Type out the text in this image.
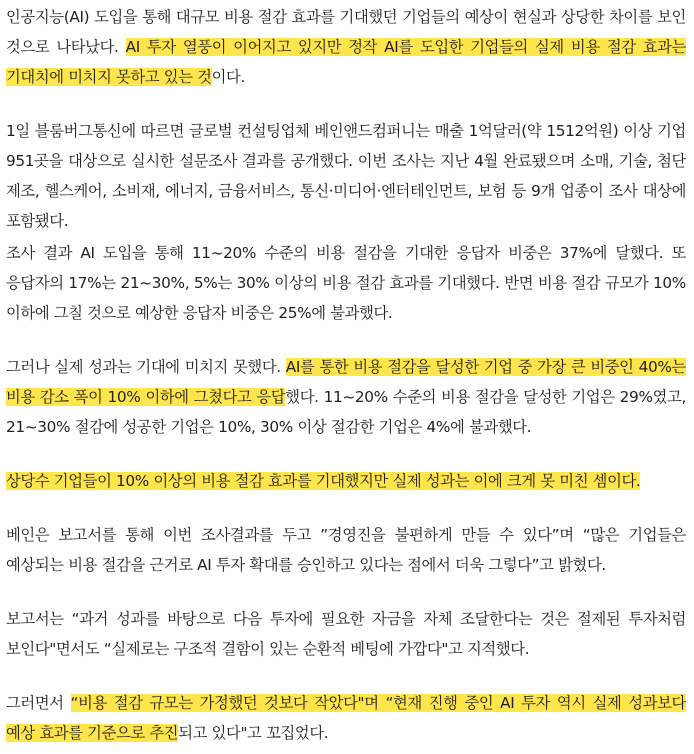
인공지능(AI) 도입을 통해 대규모 비용 절감 효과를 기대했던 기업들의 예상이 현실과 상당한 차이를 보인 것으로 나타났다. AI 투자 열풍이 이어지고 있지만 정작 AI를 도입한 기업들의 실제 비용 절감 효과는 기대치에 미치지 못하고 있는 것이다.

1일 블룸버그통신에 따르면 글로벌 컨설팅업체 베인앤드컴퍼니는 매출 1억달러(약 1512억원) 이상 기업 951곳을 대상으로 실시한 설문조사 결과를 공개했다. 이번 조사는 지난 4월 완료됐으며 소매, 기술, 첨단 제조, 헬스케어, 소비재, 에너지, 금융서비스, 통신·미디어·엔터테인먼트, 보험 등 9개 업종이 조사 대상에 포함됐다.

조사 결과 AI 도입을 통해 11~20% 수준의 비용 절감을 기대한 응답자 비중은 37%에 달했다. 또 응답자의 17%는 21~30%, 5%는 30% 이상의 비용 절감 효과를 기대했다. 반면 비용 절감 규모가 10% 이하에 그칠 것으로 예상한 응답자 비중은 25%에 불과했다.

그러나 실제 성과는 기대에 미치지 못했다. AI를 통한 비용 절감을 달성한 기업 중 가장 큰 비중인 40%는 비용 감소 폭이 10% 이하에 그쳤다고 응답했다. 11~20% 수준의 비용 절감을 달성한 기업은 29%였고, 21~30% 절감에 성공한 기업은 10%, 30% 이상 절감한 기업은 4%에 불과했다.

상당수 기업들이 10% 이상의 비용 절감 효과를 기대했지만 실제 성과는 이에 크게 못 미친 셈이다.

베인은 보고서를 통해 이번 조사결과를 두고 ”경영진을 불편하게 만들 수 있다”며 “많은 기업들은 예상되는 비용 절감을 근거로 AI 투자 확대를 승인하고 있다는 점에서 더욱 그렇다”고 밝혔다.

보고서는 “과거 성과를 바탕으로 다음 투자에 필요한 자금을 자체 조달한다는 것은 절제된 투자처럼 보인다"면서도 “실제로는 구조적 결함이 있는 순환적 베팅에 가깝다"고 지적했다.

그러면서 “비용 절감 규모는 가정했던 것보다 작았다"며 “현재 진행 중인 AI 투자 역시 실제 성과보다 예상 효과를 기준으로 추진되고 있다"고 꼬집었다.
